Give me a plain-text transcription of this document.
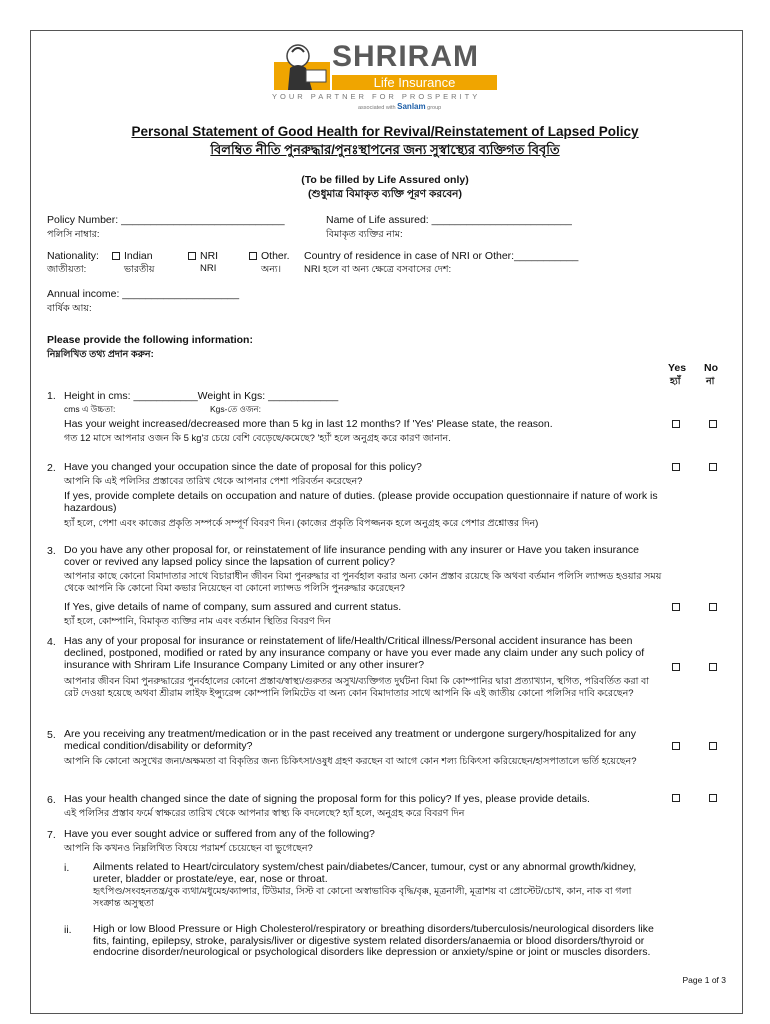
SHRIRAM
Life Insurance
YOUR PARTNER FOR PROSPERITY
associated with Sanlam group
Personal Statement of Good Health for Revival/Reinstatement of Lapsed Policy
বিলম্বিত নীতি পুনরুদ্ধার/পুনঃস্থাপনের জন্য সুস্বাস্থ্যের ব্যক্তিগত বিবৃতি
(To be filled by Life Assured only)
(শুধুমাত্র বিমাকৃত ব্যক্তি পূরণ করবেন)
Policy Number: ____________________________
পলিসি নাম্বার:
Name of Life assured: ________________________
বিমাকৃত ব্যক্তির নাম:
Nationality:
জাতীয়তা:
Indian
ভারতীয়
NRI
NRI
Other.
অন্য।
Country of residence in case of NRI or Other:___________
NRI হলে বা অন্য ক্ষেত্রে বসবাসের দেশ:
Annual income: ____________________
বার্ষিক আয়:
Please provide the following information:
নিম্নলিখিত তথ্য প্রদান করুন:
Yes
হ্যাঁ
No
না
1. Height in cms: ___________Weight in Kgs: ____________
cms এ উচ্চতা:	Kgs-তে ওজন:
Has your weight increased/decreased more than 5 kg in last 12 months? If 'Yes' Please state, the reason.
গত 12 মাসে আপনার ওজন কি 5 kg'র চেয়ে বেশি বেড়েছে/কমেছে? 'হ্যাঁ' হলে অনুগ্রহ করে কারণ জানান.
2. Have you changed your occupation since the date of proposal for this policy?
আপনি কি এই পলিসির প্রস্তাবের তারিখ থেকে আপনার পেশা পরিবর্তন করেছেন?
If yes, provide complete details on occupation and nature of duties. (please provide occupation questionnaire if nature of work is hazardous)
হ্যাঁ হলে, পেশা এবং কাজের প্রকৃতি সম্পর্কে সম্পূর্ণ বিবরণ দিন। (কাজের প্রকৃতি বিপজ্জনক হলে অনুগ্রহ করে পেশার প্রশ্নোত্তর দিন)
3. Do you have any other proposal for, or reinstatement of life insurance pending with any insurer or Have you taken insurance cover or revived any lapsed policy since the lapsation of current policy?
আপনার কাছে কোনো বিমাদাতার সাথে বিচারাধীন জীবন বিমা পুনরুদ্ধার বা পুনর্বহাল করার অন্য কোন প্রস্তাব রয়েছে কি অথবা বর্তমান পলিসি ল্যাপ্সড হওয়ার সময় থেকে আপনি কি কোনো বিমা কভার নিয়েছেন বা কোনো ল্যাপ্সড পলিসি পুনরুদ্ধার করেছেন?
If Yes, give details of name of company, sum assured and current status.
হ্যাঁ হলে, কোম্পানি, বিমাকৃত ব্যক্তির নাম এবং বর্তমান স্থিতির বিবরণ দিন
4. Has any of your proposal for insurance or reinstatement of life/Health/Critical illness/Personal accident insurance has been declined, postponed, modified or rated by any insurance company or have you ever made any claim under any such policy of insurance with Shriram Life Insurance Company Limited or any other insurer?
আপনার জীবন বিমা পুনরুদ্ধারের পুনর্বহালের কোনো প্রস্তাব/স্বাস্থ্য/গুরুতর অসুখ/ব্যক্তিগত দুর্ঘটনা বিমা কি কোম্পানির দ্বারা প্রত্যাখ্যান, স্থগিত, পরিবর্তিত করা বা রেট দেওয়া হয়েছে অথবা শ্রীরাম লাইফ ইন্স্যুরেন্স কোম্পানি লিমিটেড বা অন্য কোন বিমাদাতার সাথে আপনি কি এই জাতীয় কোনো পলিসির দাবি করেছেন?
5. Are you receiving any treatment/medication or in the past received any treatment or undergone surgery/hospitalized for any medical condition/disability or deformity?
আপনি কি কোনো অসুখের জন্য/অক্ষমতা বা বিকৃতির জন্য চিকিৎসা/ওষুধ গ্রহণ করছেন বা আগে কোন শল্য চিকিৎসা করিয়েছেন/হাসপাতালে ভর্তি হয়েছেন?
6. Has your health changed since the date of signing the proposal form for this policy? If yes, please provide details.
এই পলিসির প্রস্তাব ফর্মে স্বাক্ষরের তারিখ থেকে আপনার স্বাস্থ্য কি বদলেছে? হ্যাঁ হলে, অনুগ্রহ করে বিবরণ দিন
7. Have you ever sought advice or suffered from any of the following?
আপনি কি কখনও নিম্নলিখিত বিষয়ে পরামর্শ চেয়েছেন বা ভুগেছেন?
i. Ailments related to Heart/circulatory system/chest pain/diabetes/Cancer, tumour, cyst or any abnormal growth/kidney, ureter, bladder or prostate/eye, ear, nose or throat.
হৃৎপিণ্ড/সংবহনতন্ত্র/বুক ব্যথা/মধুমেহ/ক্যান্সার, টিউমার, সিস্ট বা কোনো অস্বাভাবিক বৃদ্ধি/বৃক্ক, মূত্রনালী, মূত্রাশয় বা প্রোস্টেট/চোখ, কান, নাক বা গলা সংক্রান্ত অসুস্থতা
ii. High or low Blood Pressure or High Cholesterol/respiratory or breathing disorders/tuberculosis/neurological disorders like fits, fainting, epilepsy, stroke, paralysis/liver or digestive system related disorders/anaemia or blood disorders/thyroid or endocrine disorder/neurological or psychological disorders like depression or anxiety/spine or joint or muscles disorders.
Page 1 of 3
